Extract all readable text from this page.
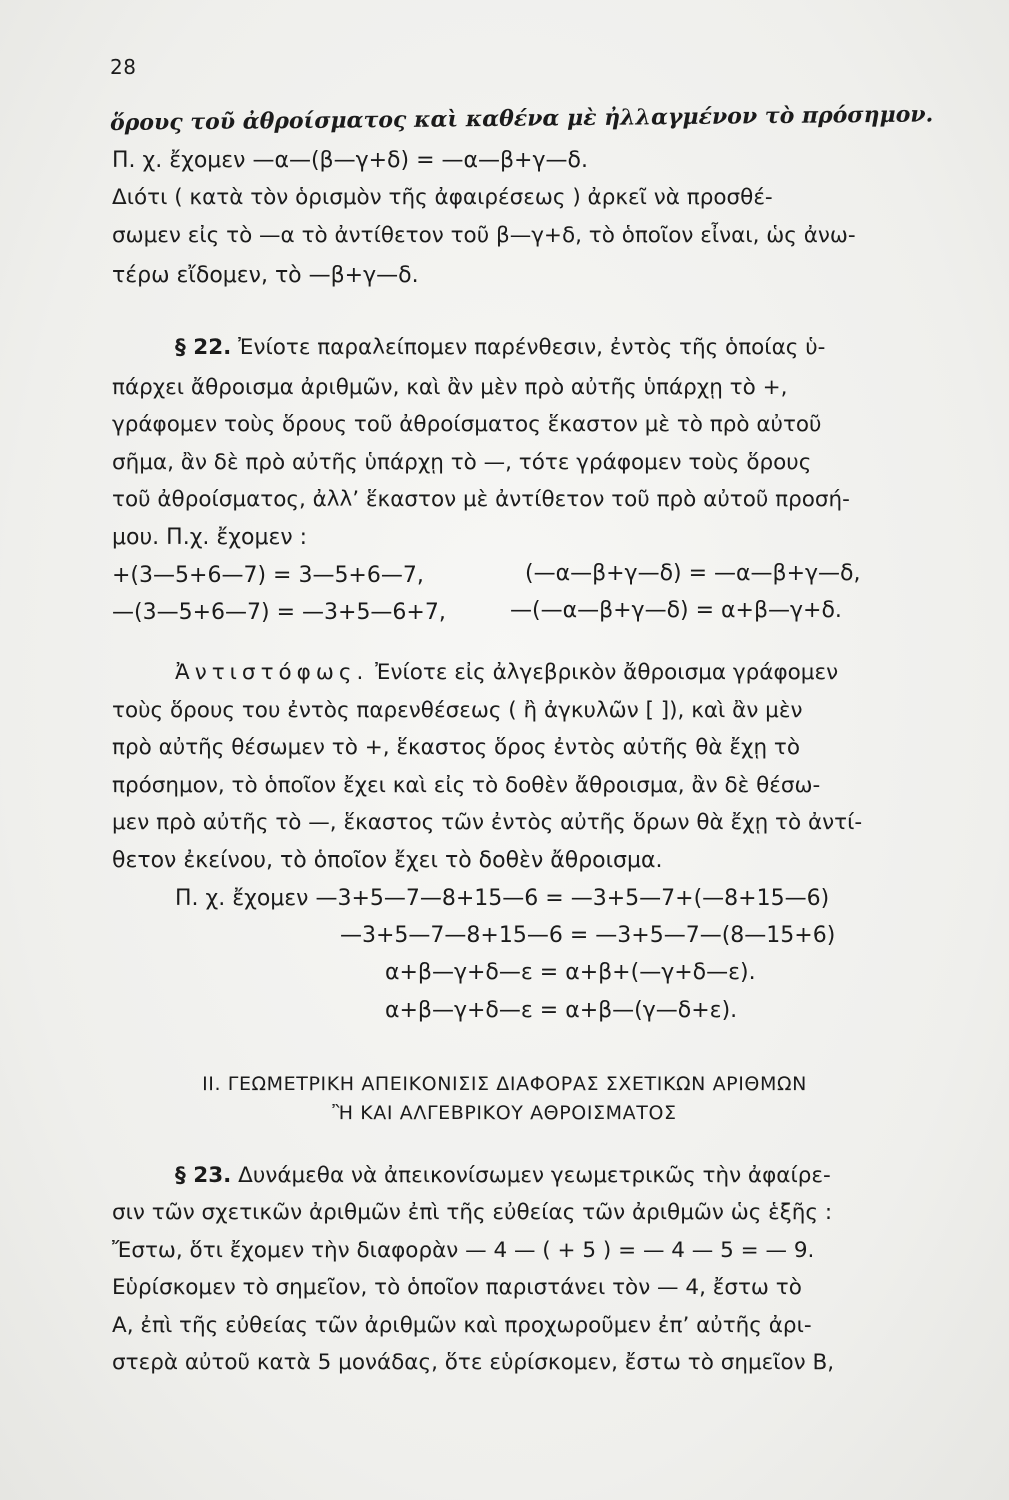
28
ὅρους τοῦ ἀθροίσματος καὶ καθένα μὲ ἠλλαγμένον τὸ πρόσημον.
Π. χ. ἔχομεν —α—(β—γ+δ) = —α—β+γ—δ.
Διότι ( κατὰ τὸν ὁρισμὸν τῆς ἀφαιρέσεως ) ἀρκεῖ νὰ προσθέ-
σωμεν εἰς τὸ —α τὸ ἀντίθετον τοῦ β—γ+δ, τὸ ὁποῖον εἶναι, ὡς ἀνω-
τέρω εἴδομεν, τὸ —β+γ—δ.
§ 22. Ἐνίοτε παραλείπομεν παρένθεσιν, ἐντὸς τῆς ὁποίας ὑ-
πάρχει ἄθροισμα ἀριθμῶν, καὶ ἂν μὲν πρὸ αὐτῆς ὑπάρχῃ τὸ +,
γράφομεν τοὺς ὅρους τοῦ ἀθροίσματος ἕκαστον μὲ τὸ πρὸ αὐτοῦ
σῆμα, ἂν δὲ πρὸ αὐτῆς ὑπάρχῃ τὸ —, τότε γράφομεν τοὺς ὅρους
τοῦ ἀθροίσματος, ἀλλ’ ἕκαστον μὲ ἀντίθετον τοῦ πρὸ αὐτοῦ προσή-
μου. Π.χ. ἔχομεν :
+(3—5+6—7) = 3—5+6—7,	(—α—β+γ—δ) = —α—β+γ—δ,
—(3—5+6—7) = —3+5—6+7,	—(—α—β+γ—δ) = α+β—γ+δ.
Ἀντιστόφως. Ἐνίοτε εἰς ἀλγεβρικὸν ἄθροισμα γράφομεν
τοὺς ὅρους του ἐντὸς παρενθέσεως ( ἢ ἀγκυλῶν [ ]), καὶ ἂν μὲν
πρὸ αὐτῆς θέσωμεν τὸ +, ἕκαστος ὅρος ἐντὸς αὐτῆς θὰ ἔχῃ τὸ
πρόσημον, τὸ ὁποῖον ἔχει καὶ εἰς τὸ δοθὲν ἄθροισμα, ἂν δὲ θέσω-
μεν πρὸ αὐτῆς τὸ —, ἕκαστος τῶν ἐντὸς αὐτῆς ὅρων θὰ ἔχῃ τὸ ἀντί-
θετον ἐκείνου, τὸ ὁποῖον ἔχει τὸ δοθὲν ἄθροισμα.
Π. χ. ἔχομεν —3+5—7—8+15—6 = —3+5—7+(—8+15—6)
—3+5—7—8+15—6 = —3+5—7—(8—15+6)
α+β—γ+δ—ε = α+β+(—γ+δ—ε).
α+β—γ+δ—ε = α+β—(γ—δ+ε).
ΙΙ. ΓΕΩΜΕΤΡΙΚΗ ΑΠΕΙΚΟΝΙΣΙΣ ΔΙΑΦΟΡΑΣ ΣΧΕΤΙΚΩΝ ΑΡΙΘΜΩΝ
Ἢ ΚΑΙ ΑΛΓΕΒΡΙΚΟΥ ΑΘΡΟΙΣΜΑΤΟΣ
§ 23. Δυνάμεθα νὰ ἀπεικονίσωμεν γεωμετρικῶς τὴν ἀφαίρε-
σιν τῶν σχετικῶν ἀριθμῶν ἐπὶ τῆς εὐθείας τῶν ἀριθμῶν ὡς ἑξῆς :
Ἔστω, ὅτι ἔχομεν τὴν διαφορὰν — 4 — ( + 5 ) = — 4 — 5 = — 9.
Εὑρίσκομεν τὸ σημεῖον, τὸ ὁποῖον παριστάνει τὸν — 4, ἔστω τὸ
Α, ἐπὶ τῆς εὐθείας τῶν ἀριθμῶν καὶ προχωροῦμεν ἐπ’ αὐτῆς ἀρι-
στερὰ αὐτοῦ κατὰ 5 μονάδας, ὅτε εὑρίσκομεν, ἔστω τὸ σημεῖον Β,
